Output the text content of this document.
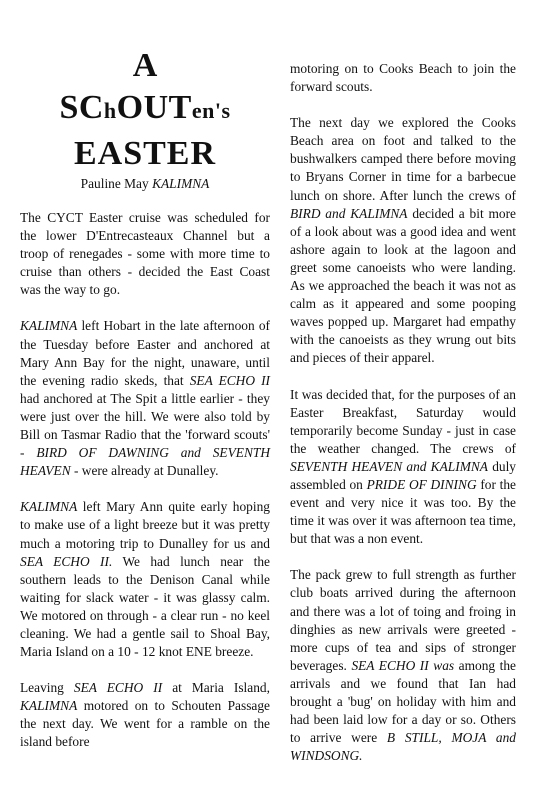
A
SChOUTen's
EASTER
Pauline May KALIMNA

The CYCT Easter cruise was scheduled for the lower D'Entrecasteaux Channel but a troop of renegades - some with more time to cruise than others - decided the East Coast was the way to go.

KALIMNA left Hobart in the late afternoon of the Tuesday before Easter and anchored at Mary Ann Bay for the night, unaware, until the evening radio skeds, that SEA ECHO II had anchored at The Spit a little earlier - they were just over the hill. We were also told by Bill on Tasmar Radio that the 'forward scouts' - BIRD OF DAWNING and SEVENTH HEAVEN - were already at Dunalley.

KALIMNA left Mary Ann quite early hoping to make use of a light breeze but it was pretty much a motoring trip to Dunalley for us and SEA ECHO II. We had lunch near the southern leads to the Denison Canal while waiting for slack water - it was glassy calm. We motored on through - a clear run - no keel cleaning. We had a gentle sail to Shoal Bay, Maria Island on a 10 - 12 knot ENE breeze.

Leaving SEA ECHO II at Maria Island, KALIMNA motored on to Schouten Passage the next day. We went for a ramble on the island before

motoring on to Cooks Beach to join the forward scouts.

The next day we explored the Cooks Beach area on foot and talked to the bushwalkers camped there before moving to Bryans Corner in time for a barbecue lunch on shore. After lunch the crews of BIRD and KALIMNA decided a bit more of a look about was a good idea and went ashore again to look at the lagoon and greet some canoeists who were landing. As we approached the beach it was not as calm as it appeared and some pooping waves popped up. Margaret had empathy with the canoeists as they wrung out bits and pieces of their apparel.

It was decided that, for the purposes of an Easter Breakfast, Saturday would temporarily become Sunday - just in case the weather changed. The crews of SEVENTH HEAVEN and KALIMNA duly assembled on PRIDE OF DINING for the event and very nice it was too. By the time it was over it was afternoon tea time, but that was a non event.

The pack grew to full strength as further club boats arrived during the afternoon and there was a lot of toing and froing in dinghies as new arrivals were greeted - more cups of tea and sips of stronger beverages. SEA ECHO II was among the arrivals and we found that Ian had brought a 'bug' on holiday with him and had been laid low for a day or so. Others to arrive were B STILL, MOJA and WINDSONG.
